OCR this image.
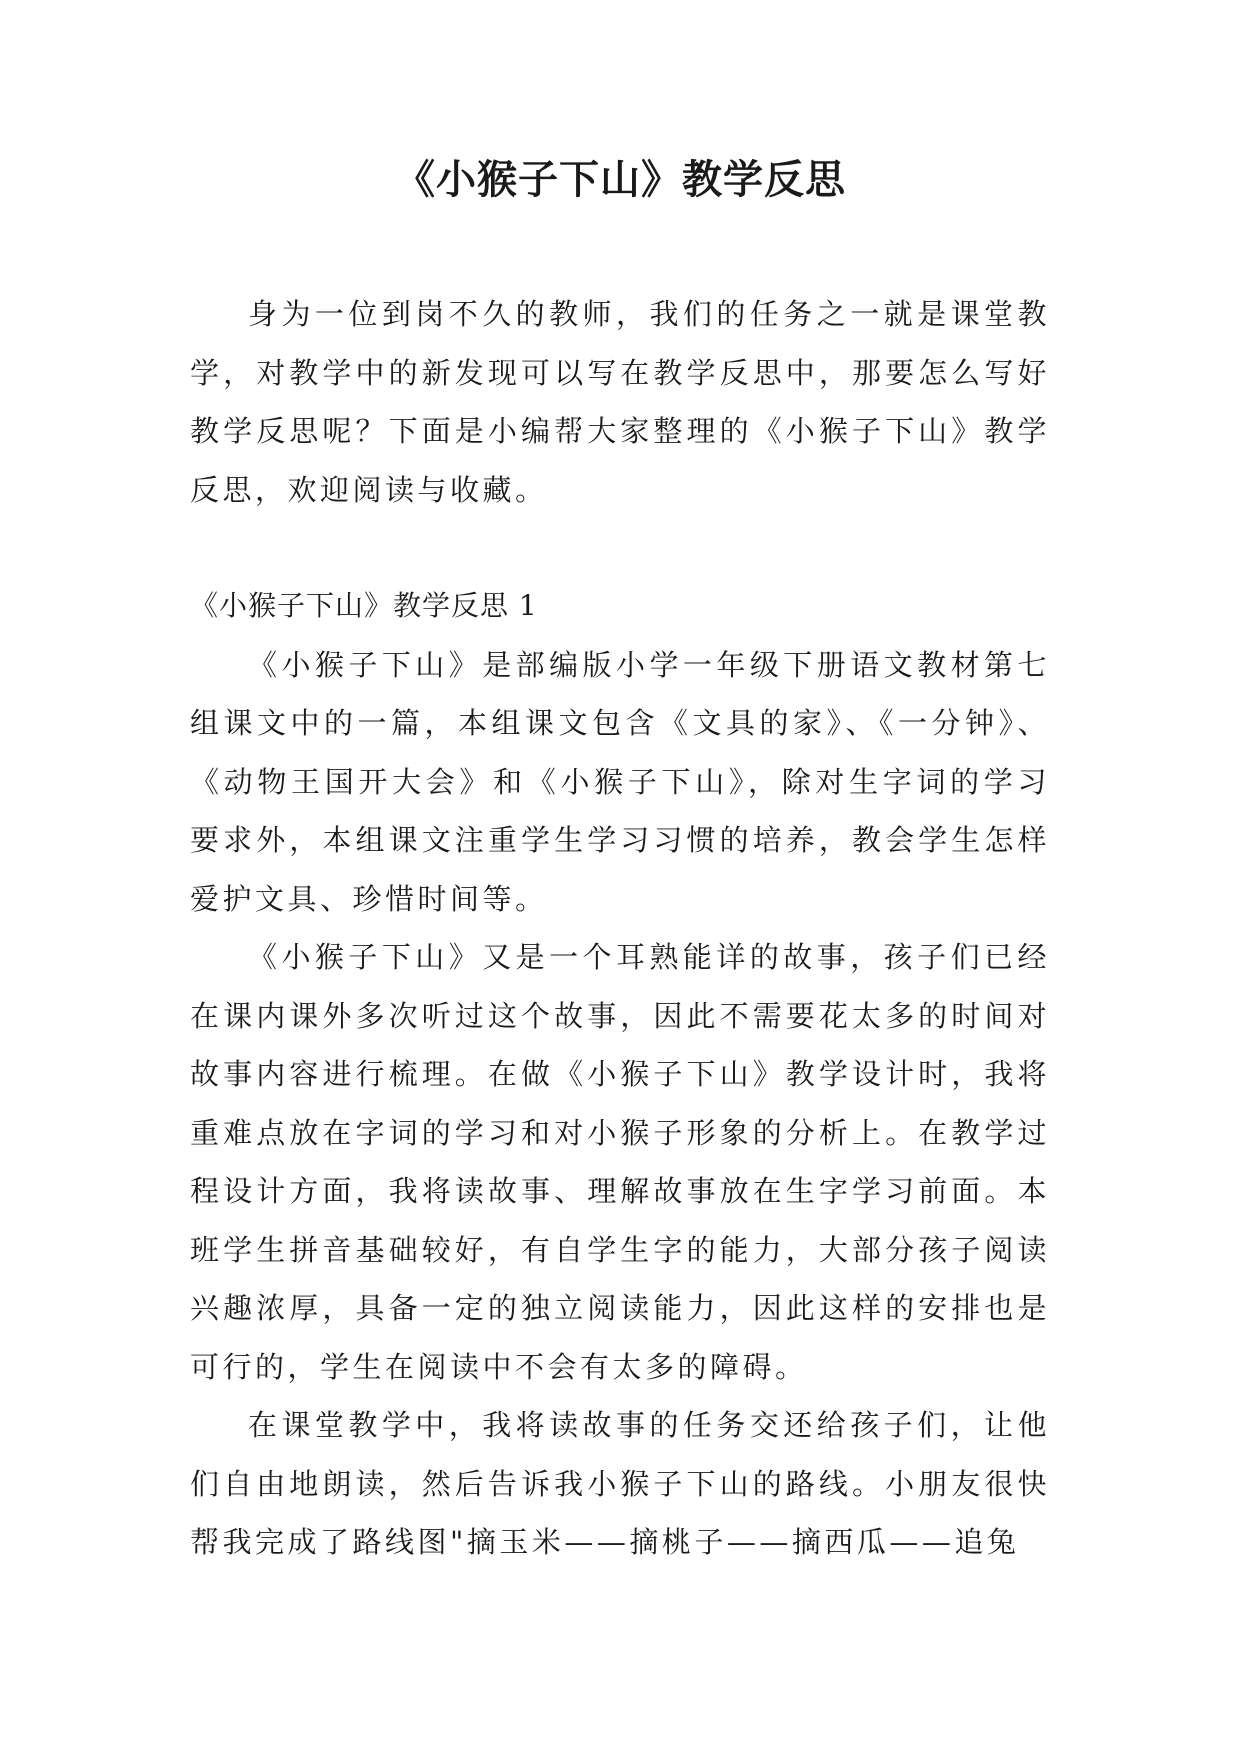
《小猴子下山》教学反思

身为一位到岗不久的教师，我们的任务之一就是课堂教学，对教学中的新发现可以写在教学反思中，那要怎么写好教学反思呢？下面是小编帮大家整理的《小猴子下山》教学反思，欢迎阅读与收藏。

《小猴子下山》教学反思 1

《小猴子下山》是部编版小学一年级下册语文教材第七组课文中的一篇，本组课文包含《文具的家》、《一分钟》、《动物王国开大会》和《小猴子下山》，除对生字词的学习要求外，本组课文注重学生学习习惯的培养，教会学生怎样爱护文具、珍惜时间等。

《小猴子下山》又是一个耳熟能详的故事，孩子们已经在课内课外多次听过这个故事，因此不需要花太多的时间对故事内容进行梳理。在做《小猴子下山》教学设计时，我将重难点放在字词的学习和对小猴子形象的分析上。在教学过程设计方面，我将读故事、理解故事放在生字学习前面。本班学生拼音基础较好，有自学生字的能力，大部分孩子阅读兴趣浓厚，具备一定的独立阅读能力，因此这样的安排也是可行的，学生在阅读中不会有太多的障碍。

在课堂教学中，我将读故事的任务交还给孩子们，让他们自由地朗读，然后告诉我小猴子下山的路线。小朋友很快帮我完成了路线图"摘玉米——摘桃子——摘西瓜——追兔
